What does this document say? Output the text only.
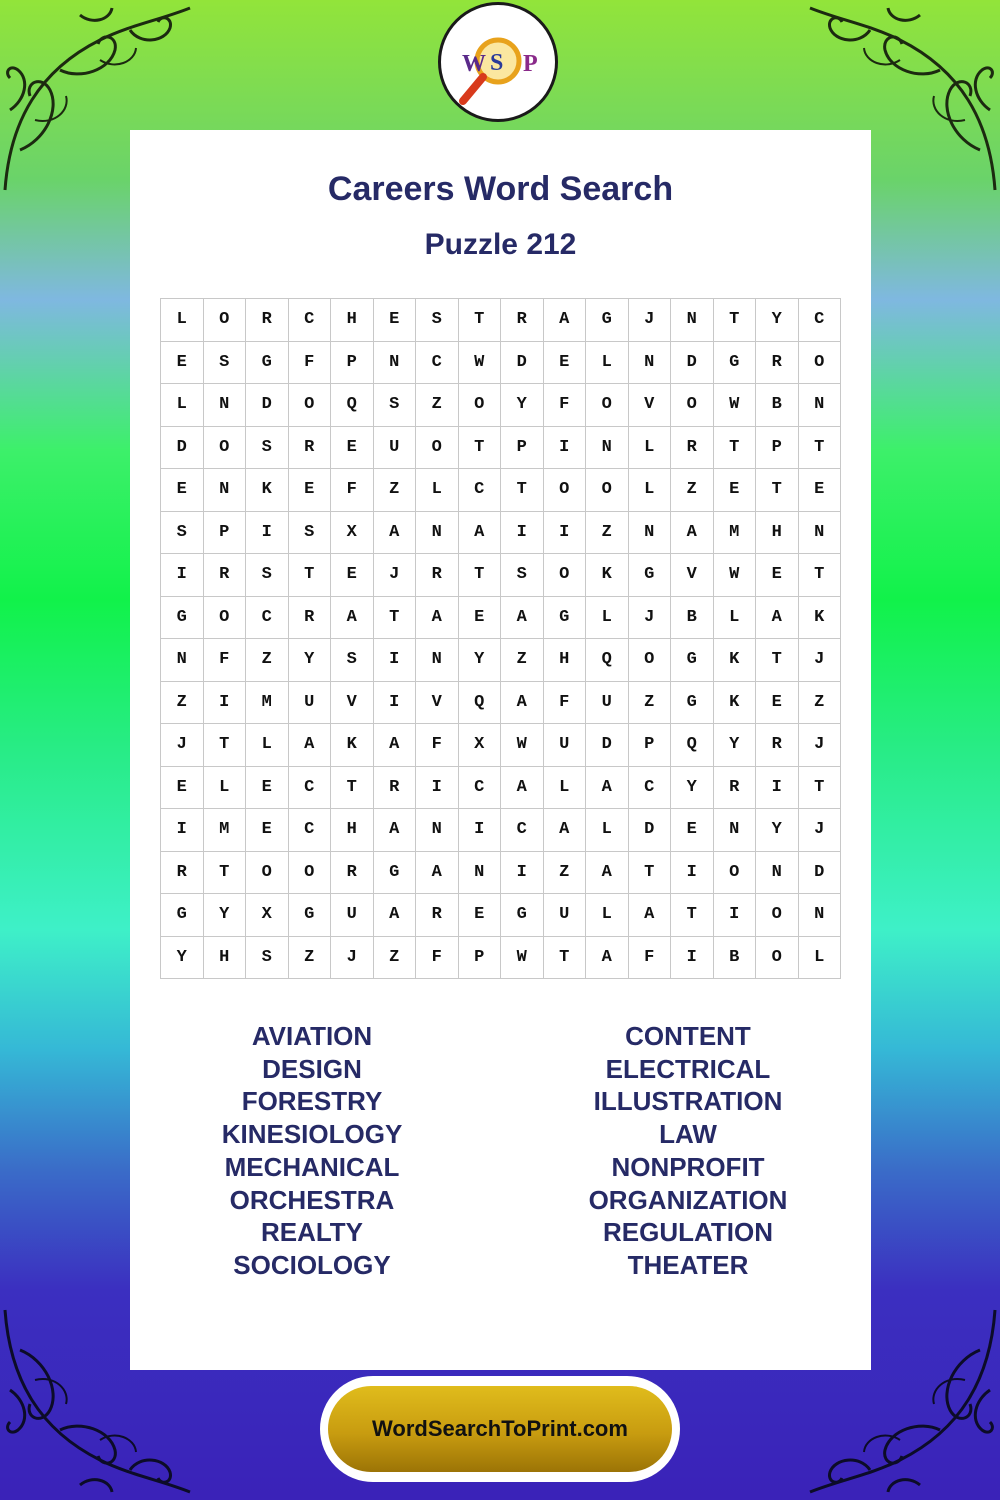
W S P
Careers Word Search
Puzzle 212
L	O	R	C	H	E	S	T	R	A	G	J	N	T	Y	C
E	S	G	F	P	N	C	W	D	E	L	N	D	G	R	O
L	N	D	O	Q	S	Z	O	Y	F	O	V	O	W	B	N
D	O	S	R	E	U	O	T	P	I	N	L	R	T	P	T
E	N	K	E	F	Z	L	C	T	O	O	L	Z	E	T	E
S	P	I	S	X	A	N	A	I	I	Z	N	A	M	H	N
I	R	S	T	E	J	R	T	S	O	K	G	V	W	E	T
G	O	C	R	A	T	A	E	A	G	L	J	B	L	A	K
N	F	Z	Y	S	I	N	Y	Z	H	Q	O	G	K	T	J
Z	I	M	U	V	I	V	Q	A	F	U	Z	G	K	E	Z
J	T	L	A	K	A	F	X	W	U	D	P	Q	Y	R	J
E	L	E	C	T	R	I	C	A	L	A	C	Y	R	I	T
I	M	E	C	H	A	N	I	C	A	L	D	E	N	Y	J
R	T	O	O	R	G	A	N	I	Z	A	T	I	O	N	D
G	Y	X	G	U	A	R	E	G	U	L	A	T	I	O	N
Y	H	S	Z	J	Z	F	P	W	T	A	F	I	B	O	L
AVIATION
DESIGN
FORESTRY
KINESIOLOGY
MECHANICAL
ORCHESTRA
REALTY
SOCIOLOGY
CONTENT
ELECTRICAL
ILLUSTRATION
LAW
NONPROFIT
ORGANIZATION
REGULATION
THEATER
WordSearchToPrint.com
